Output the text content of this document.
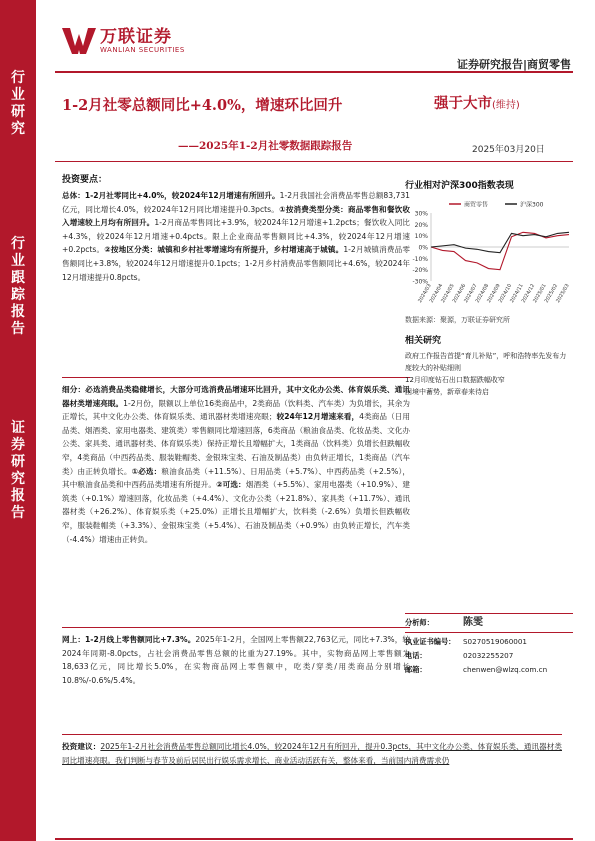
行
业
研
究
行
业
跟
踪
报
告
证
券
研
究
报
告
万联证券
WANLIAN SECURITIES
证券研究报告|商贸零售
1-2月社零总额同比+4.0%，增速环比回升
——2025年1-2月社零数据跟踪报告
强于大市(维持)
2025年03月20日
投资要点：
总体：1-2月社零同比+4.0%，较2024年12月增速有所回升。1-2月我国社会消费品零售总额83,731亿元，同比增长4.0%，较2024年12月同比增速提升0.3pcts。①按消费类型分类：商品零售和餐饮收入增速较上月均有所回升。1-2月商品零售同比+3.9%，较2024年12月增速+1.2pcts；餐饮收入同比+4.3%，较2024年12月增速+0.4pcts。限上企业商品零售额同比+4.3%，较2024年12月增速+0.2pcts。②按地区分类：城镇和乡村社零增速均有所提升，乡村增速高于城镇。1-2月城镇消费品零售额同比+3.8%，较2024年12月增速提升0.1pcts；1-2月乡村消费品零售额同比+4.6%，较2024年12月增速提升0.8pcts。
细分：必选消费品类稳健增长，大部分可选消费品增速环比回升，其中文化办公类、体育娱乐类、通讯器材类增速亮眼。1-2月份，限额以上单位16类商品中，2类商品（饮料类、汽车类）为负增长，其余为正增长，其中文化办公类、体育娱乐类、通讯器材类增速亮眼；较24年12月增速来看，4类商品（日用品类、烟酒类、家用电器类、建筑类）零售额同比增速回落，6类商品（粮油食品类、化妆品类、文化办公类、家具类、通讯器材类、体育娱乐类）保持正增长且增幅扩大，1类商品（饮料类）负增长但跌幅收窄，4类商品（中西药品类、服装鞋帽类、金银珠宝类、石油及制品类）由负转正增长，1类商品（汽车类）由正转负增长。①必选：粮油食品类（+11.5%）、日用品类（+5.7%）、中西药品类（+2.5%），其中粮油食品类和中西药品类增速有所提升。②可选：烟酒类（+5.5%）、家用电器类（+10.9%）、建筑类（+0.1%）增速回落，化妆品类（+4.4%）、文化办公类（+21.8%）、家具类（+11.7%）、通讯器材类（+26.2%）、体育娱乐类（+25.0%）正增长且增幅扩大，饮料类（-2.6%）负增长但跌幅收窄，服装鞋帽类（+3.3%）、金银珠宝类（+5.4%）、石油及制品类（+0.9%）由负转正增长，汽车类（-4.4%）增速由正转负。
网上：1-2月线上零售额同比+7.3%。2025年1-2月，全国网上零售额22,763亿元，同比+7.3%，较2024年同期-8.0pcts，占社会消费品零售总额的比重为27.19%。其中，实物商品网上零售额为18,633亿元，同比增长5.0%，在实物商品网上零售额中，吃类/穿类/用类商品分别增长10.8%/-0.6%/5.4%。
投资建议：2025年1-2月社会消费品零售总额同比增长4.0%，较2024年12月有所回升，提升0.3pcts，其中文化办公类、体育娱乐类、通讯器材类同比增速亮眼。我们判断与春节及前后居民出行娱乐需求增长、商业活动活跃有关，整体来看，当前国内消费需求仍
行业相对沪深300指数表现
30%
20%
10%
0%
-10%
-20%
-30%
2024/03
2024/04
2024/05
2024/06
2024/07
2024/08
2024/09
2024/10
2024/11
2024/12
2025/01
2025/02
2025/03
商贸零售	沪深300
数据来源：聚源，万联证券研究所
相关研究
政府工作报告首提“育儿补贴”，呼和浩特率先发布力度较大的补贴细则
12月印度钻石出口数据跌幅收窄
困境中蓄势，新章春来待启
分析师：	陈雯
执业证书编号：	S0270519060001
电话：	02032255207
邮箱：	chenwen@wlzq.com.cn
